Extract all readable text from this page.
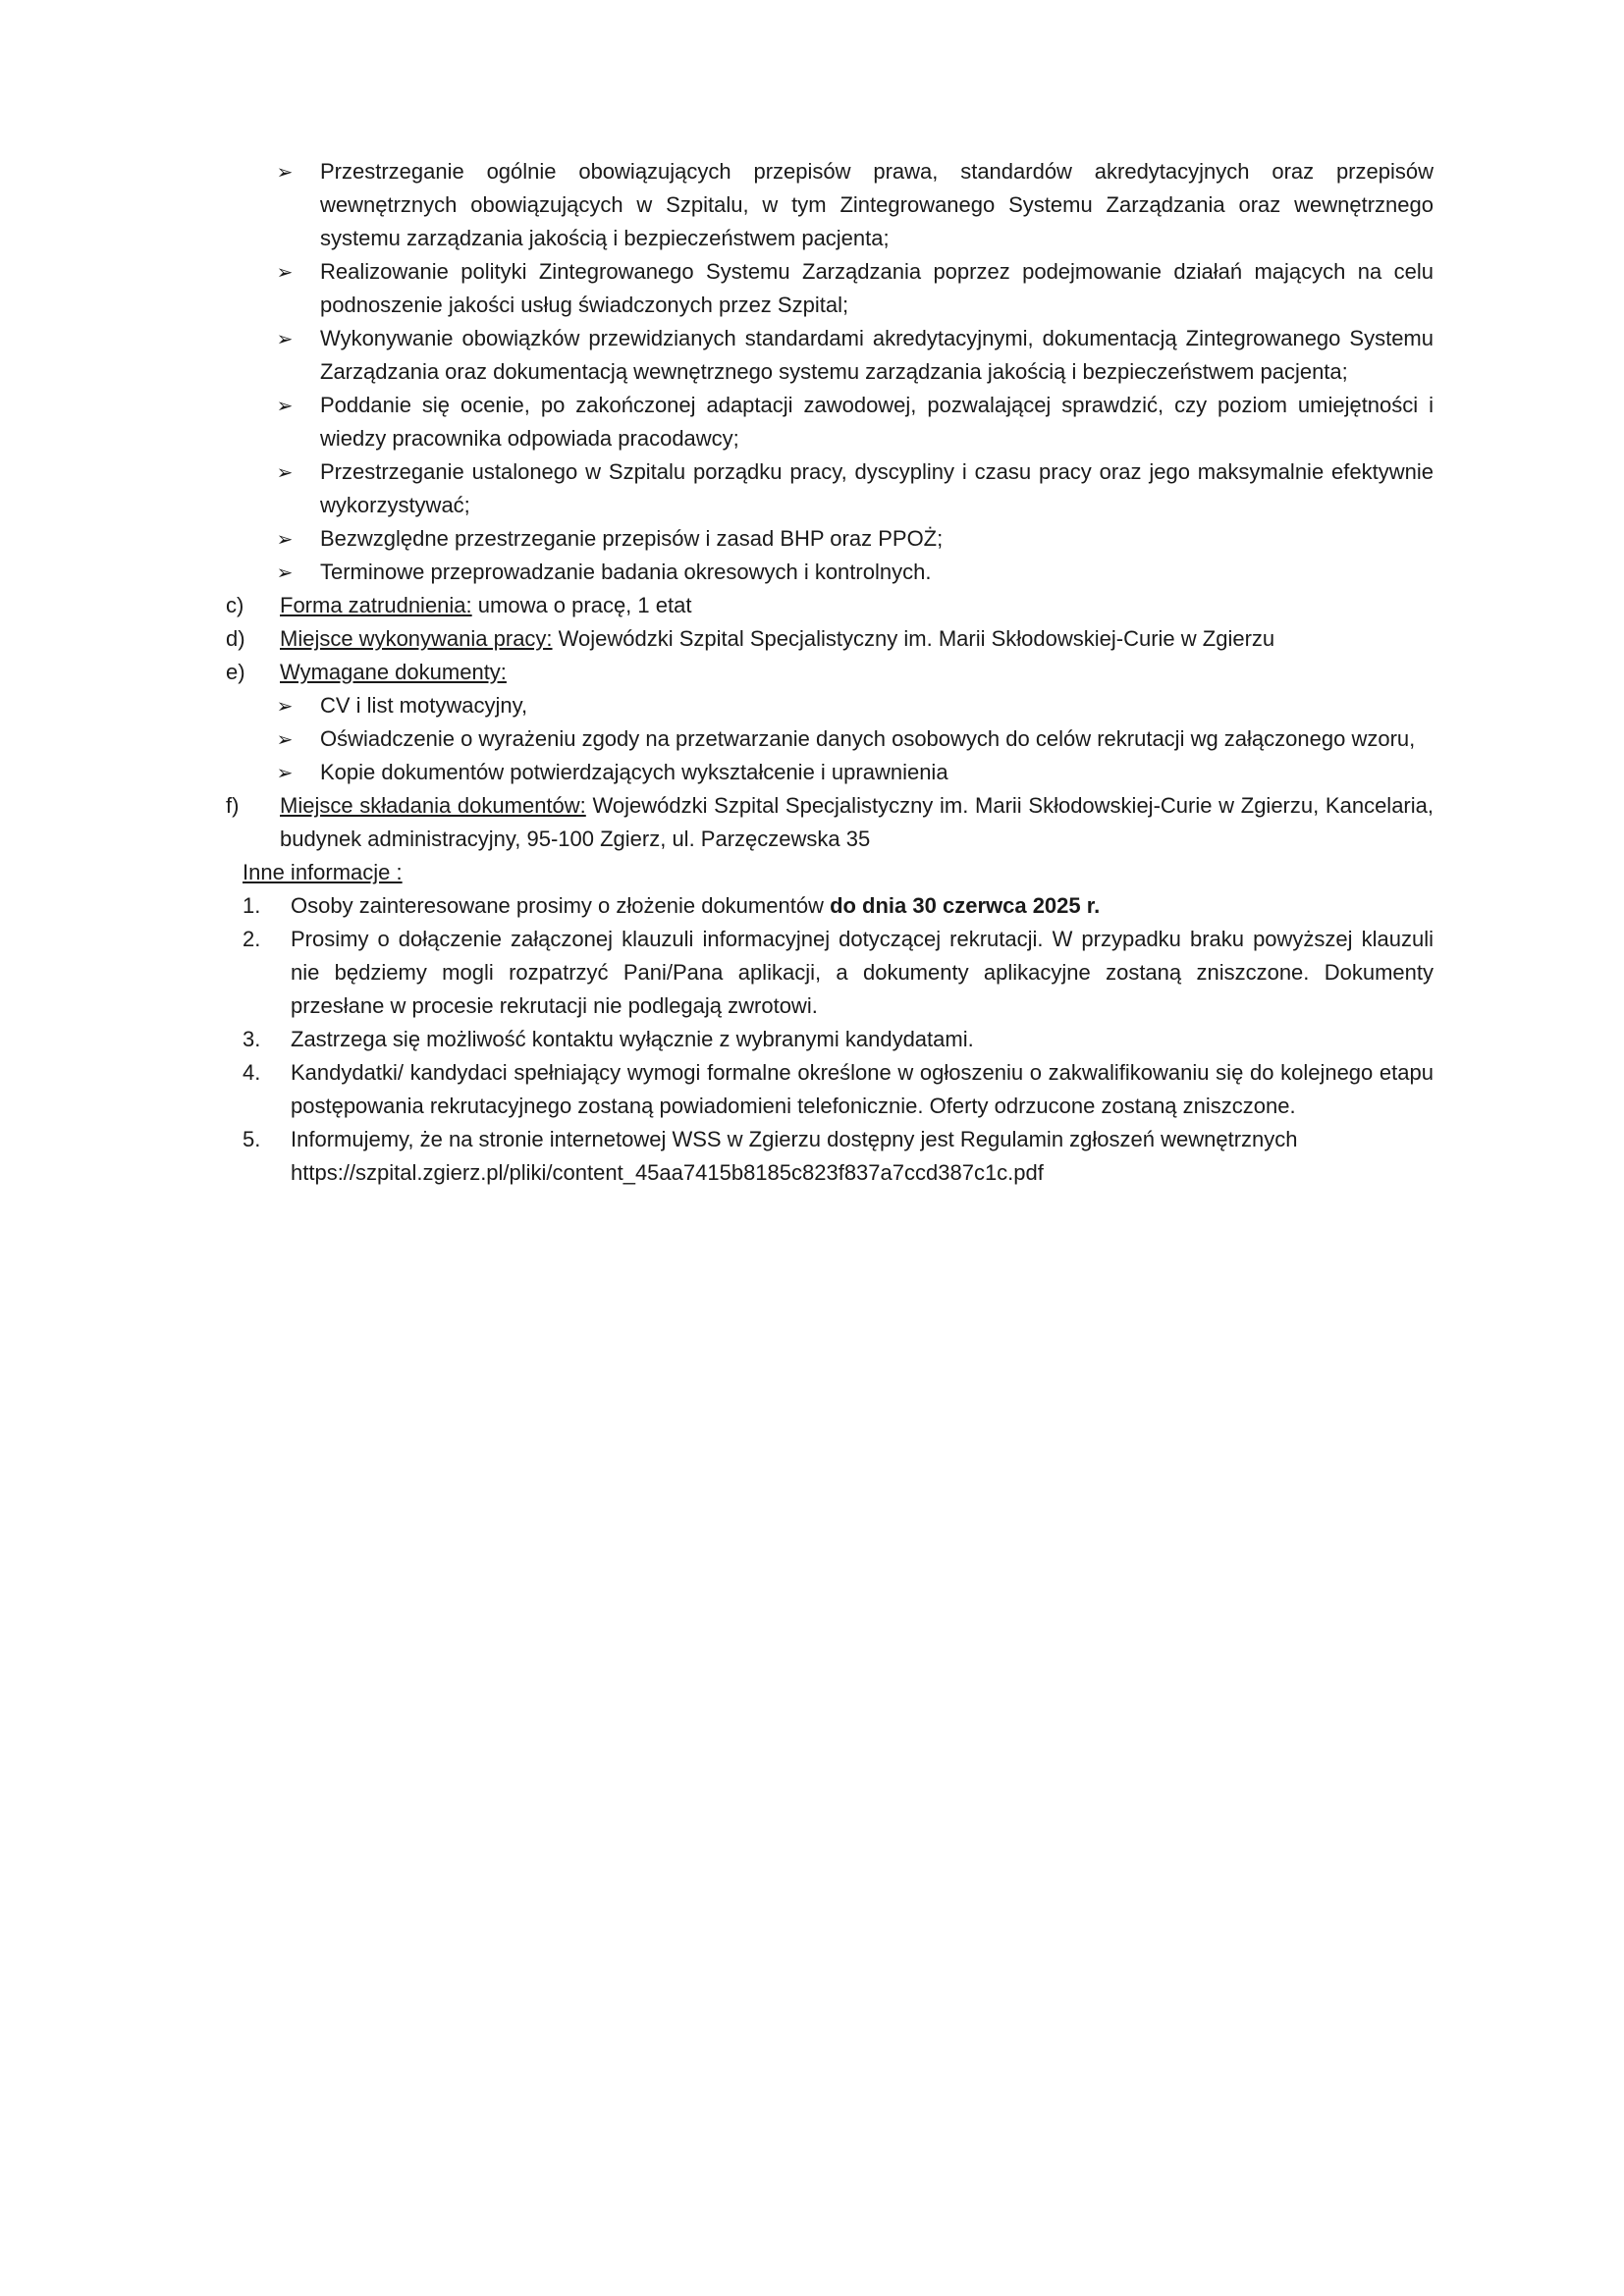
➢ Przestrzeganie ogólnie obowiązujących przepisów prawa, standardów akredytacyjnych oraz przepisów wewnętrznych obowiązujących w Szpitalu, w tym Zintegrowanego Systemu Zarządzania oraz wewnętrznego systemu zarządzania jakością i bezpieczeństwem pacjenta;
➢ Realizowanie polityki Zintegrowanego Systemu Zarządzania poprzez podejmowanie działań mających na celu podnoszenie jakości usług świadczonych przez Szpital;
➢ Wykonywanie obowiązków przewidzianych standardami akredytacyjnymi, dokumentacją Zintegrowanego Systemu Zarządzania oraz dokumentacją wewnętrznego systemu zarządzania jakością i bezpieczeństwem pacjenta;
➢ Poddanie się ocenie, po zakończonej adaptacji zawodowej, pozwalającej sprawdzić, czy poziom umiejętności i wiedzy pracownika odpowiada pracodawcy;
➢ Przestrzeganie ustalonego w Szpitalu porządku pracy, dyscypliny i czasu pracy oraz jego maksymalnie efektywnie wykorzystywać;
➢ Bezwzględne przestrzeganie przepisów i zasad BHP oraz PPOŻ;
➢ Terminowe przeprowadzanie badania okresowych i kontrolnych.
c) Forma zatrudnienia: umowa o pracę, 1 etat
d) Miejsce wykonywania pracy: Wojewódzki Szpital Specjalistyczny im. Marii Skłodowskiej-Curie w Zgierzu
e) Wymagane dokumenty:
➢ CV i list motywacyjny,
➢ Oświadczenie o wyrażeniu zgody na przetwarzanie danych osobowych do celów rekrutacji wg załączonego wzoru,
➢ Kopie dokumentów potwierdzających wykształcenie i uprawnienia
f) Miejsce składania dokumentów: Wojewódzki Szpital Specjalistyczny im. Marii Skłodowskiej-Curie w Zgierzu, Kancelaria, budynek administracyjny, 95-100 Zgierz, ul. Parzęczewska 35
Inne informacje :
1. Osoby zainteresowane prosimy o złożenie dokumentów do dnia 30 czerwca 2025 r.
2. Prosimy o dołączenie załączonej klauzuli informacyjnej dotyczącej rekrutacji. W przypadku braku powyższej klauzuli nie będziemy mogli rozpatrzyć Pani/Pana aplikacji, a dokumenty aplikacyjne zostaną zniszczone. Dokumenty przesłane w procesie rekrutacji nie podlegają zwrotowi.
3. Zastrzega się możliwość kontaktu wyłącznie z wybranymi kandydatami.
4. Kandydatki/ kandydaci spełniający wymogi formalne określone w ogłoszeniu o zakwalifikowaniu się do kolejnego etapu postępowania rekrutacyjnego zostaną powiadomieni telefonicznie. Oferty odrzucone zostaną zniszczone.
5. Informujemy, że na stronie internetowej WSS w Zgierzu dostępny jest Regulamin zgłoszeń wewnętrznych
https://szpital.zgierz.pl/pliki/content_45aa7415b8185c823f837a7ccd387c1c.pdf
